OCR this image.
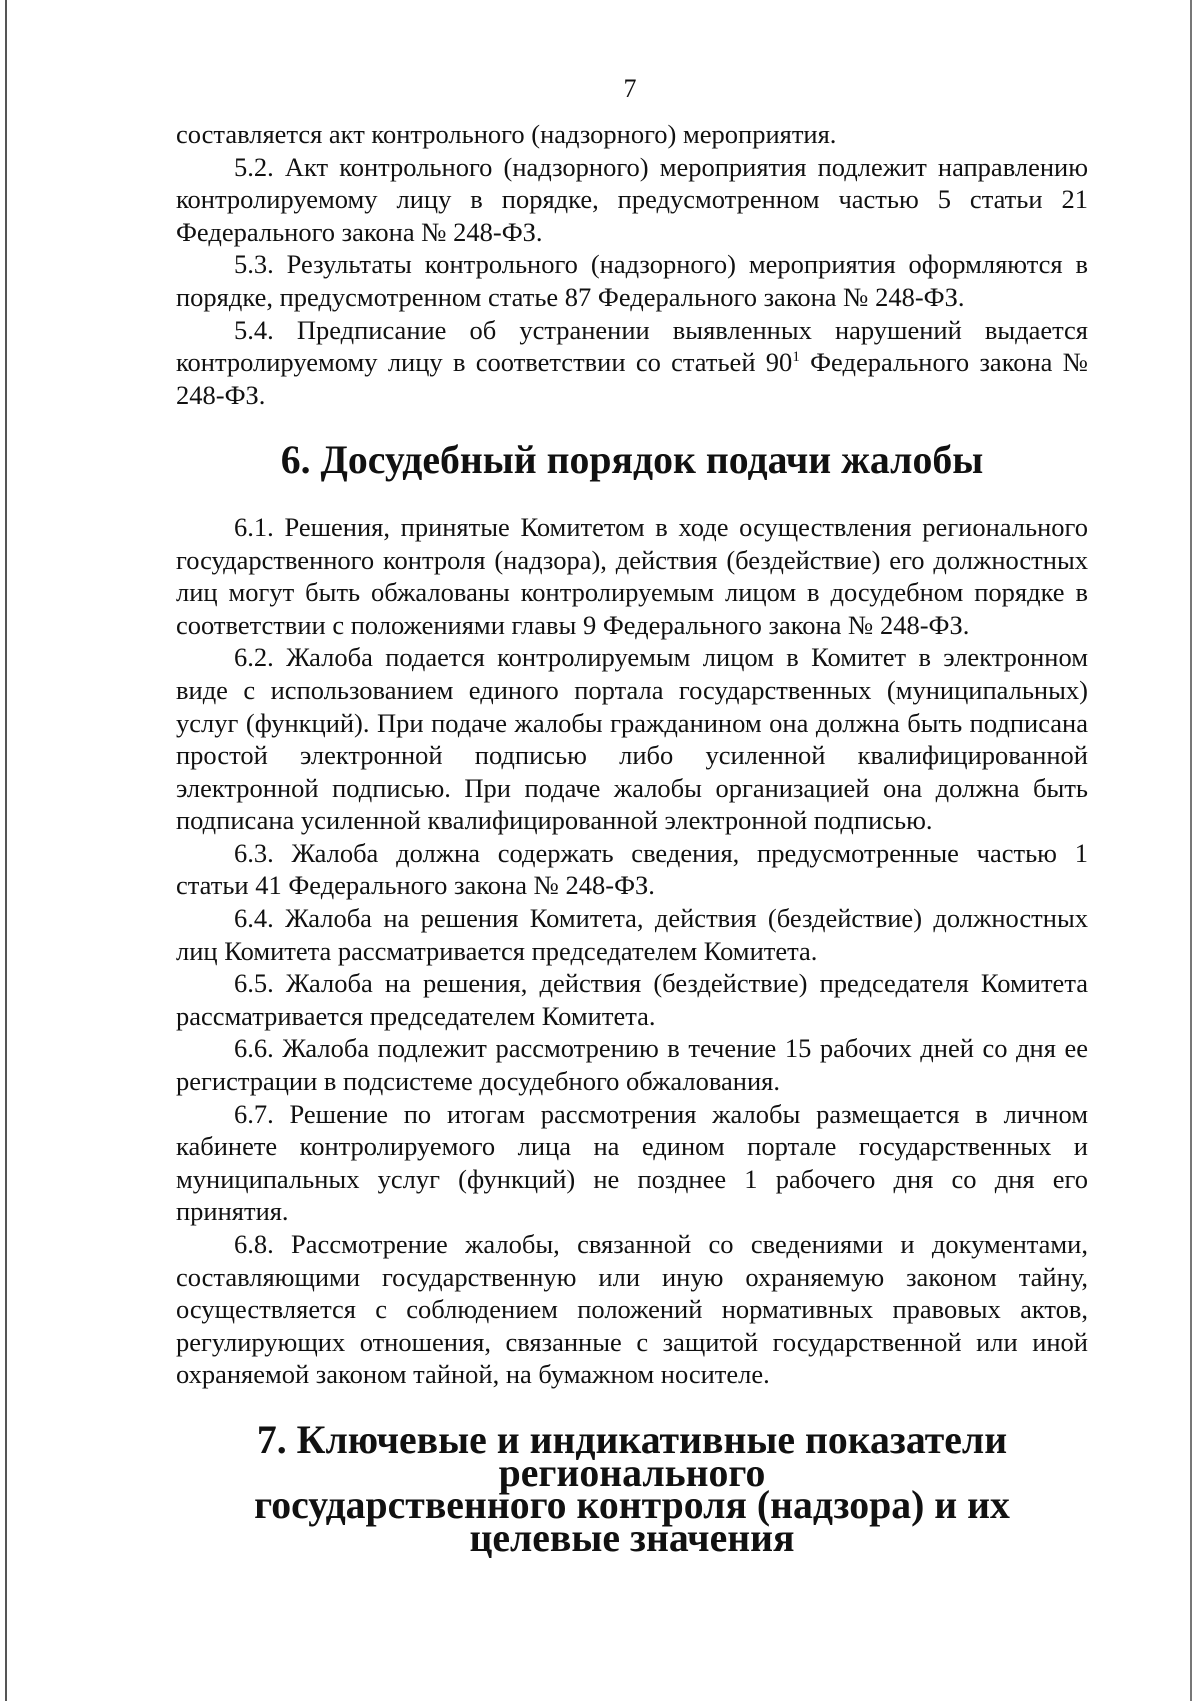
7

составляется акт контрольного (надзорного) мероприятия.

5.2. Акт контрольного (надзорного) мероприятия подлежит направлению контролируемому лицу в порядке, предусмотренном частью 5 статьи 21 Федерального закона № 248-ФЗ.

5.3. Результаты контрольного (надзорного) мероприятия оформляются в порядке, предусмотренном статье 87 Федерального закона № 248-ФЗ.

5.4. Предписание об устранении выявленных нарушений выдается контролируемому лицу в соответствии со статьей $90^1$ Федерального закона № 248-ФЗ.

6. Досудебный порядок подачи жалобы

6.1. Решения, принятые Комитетом в ходе осуществления регионального государственного контроля (надзора), действия (бездействие) его должностных лиц могут быть обжалованы контролируемым лицом в досудебном порядке в соответствии с положениями главы 9 Федерального закона № 248-ФЗ.

6.2. Жалоба подается контролируемым лицом в Комитет в электронном виде с использованием единого портала государственных (муниципальных) услуг (функций). При подаче жалобы гражданином она должна быть подписана простой электронной подписью либо усиленной квалифицированной электронной подписью. При подаче жалобы организацией она должна быть подписана усиленной квалифицированной электронной подписью.

6.3. Жалоба должна содержать сведения, предусмотренные частью 1 статьи 41 Федерального закона № 248-ФЗ.

6.4. Жалоба на решения Комитета, действия (бездействие) должностных лиц Комитета рассматривается председателем Комитета.

6.5. Жалоба на решения, действия (бездействие) председателя Комитета рассматривается председателем Комитета.

6.6. Жалоба подлежит рассмотрению в течение 15 рабочих дней со дня ее регистрации в подсистеме досудебного обжалования.

6.7. Решение по итогам рассмотрения жалобы размещается в личном кабинете контролируемого лица на едином портале государственных и муниципальных услуг (функций) не позднее 1 рабочего дня со дня его принятия.

6.8. Рассмотрение жалобы, связанной со сведениями и документами, составляющими государственную или иную охраняемую законом тайну, осуществляется с соблюдением положений нормативных правовых актов, регулирующих отношения, связанные с защитой государственной или иной охраняемой законом тайной, на бумажном носителе.

7. Ключевые и индикативные показатели регионального
государственного контроля (надзора) и их целевые значения
